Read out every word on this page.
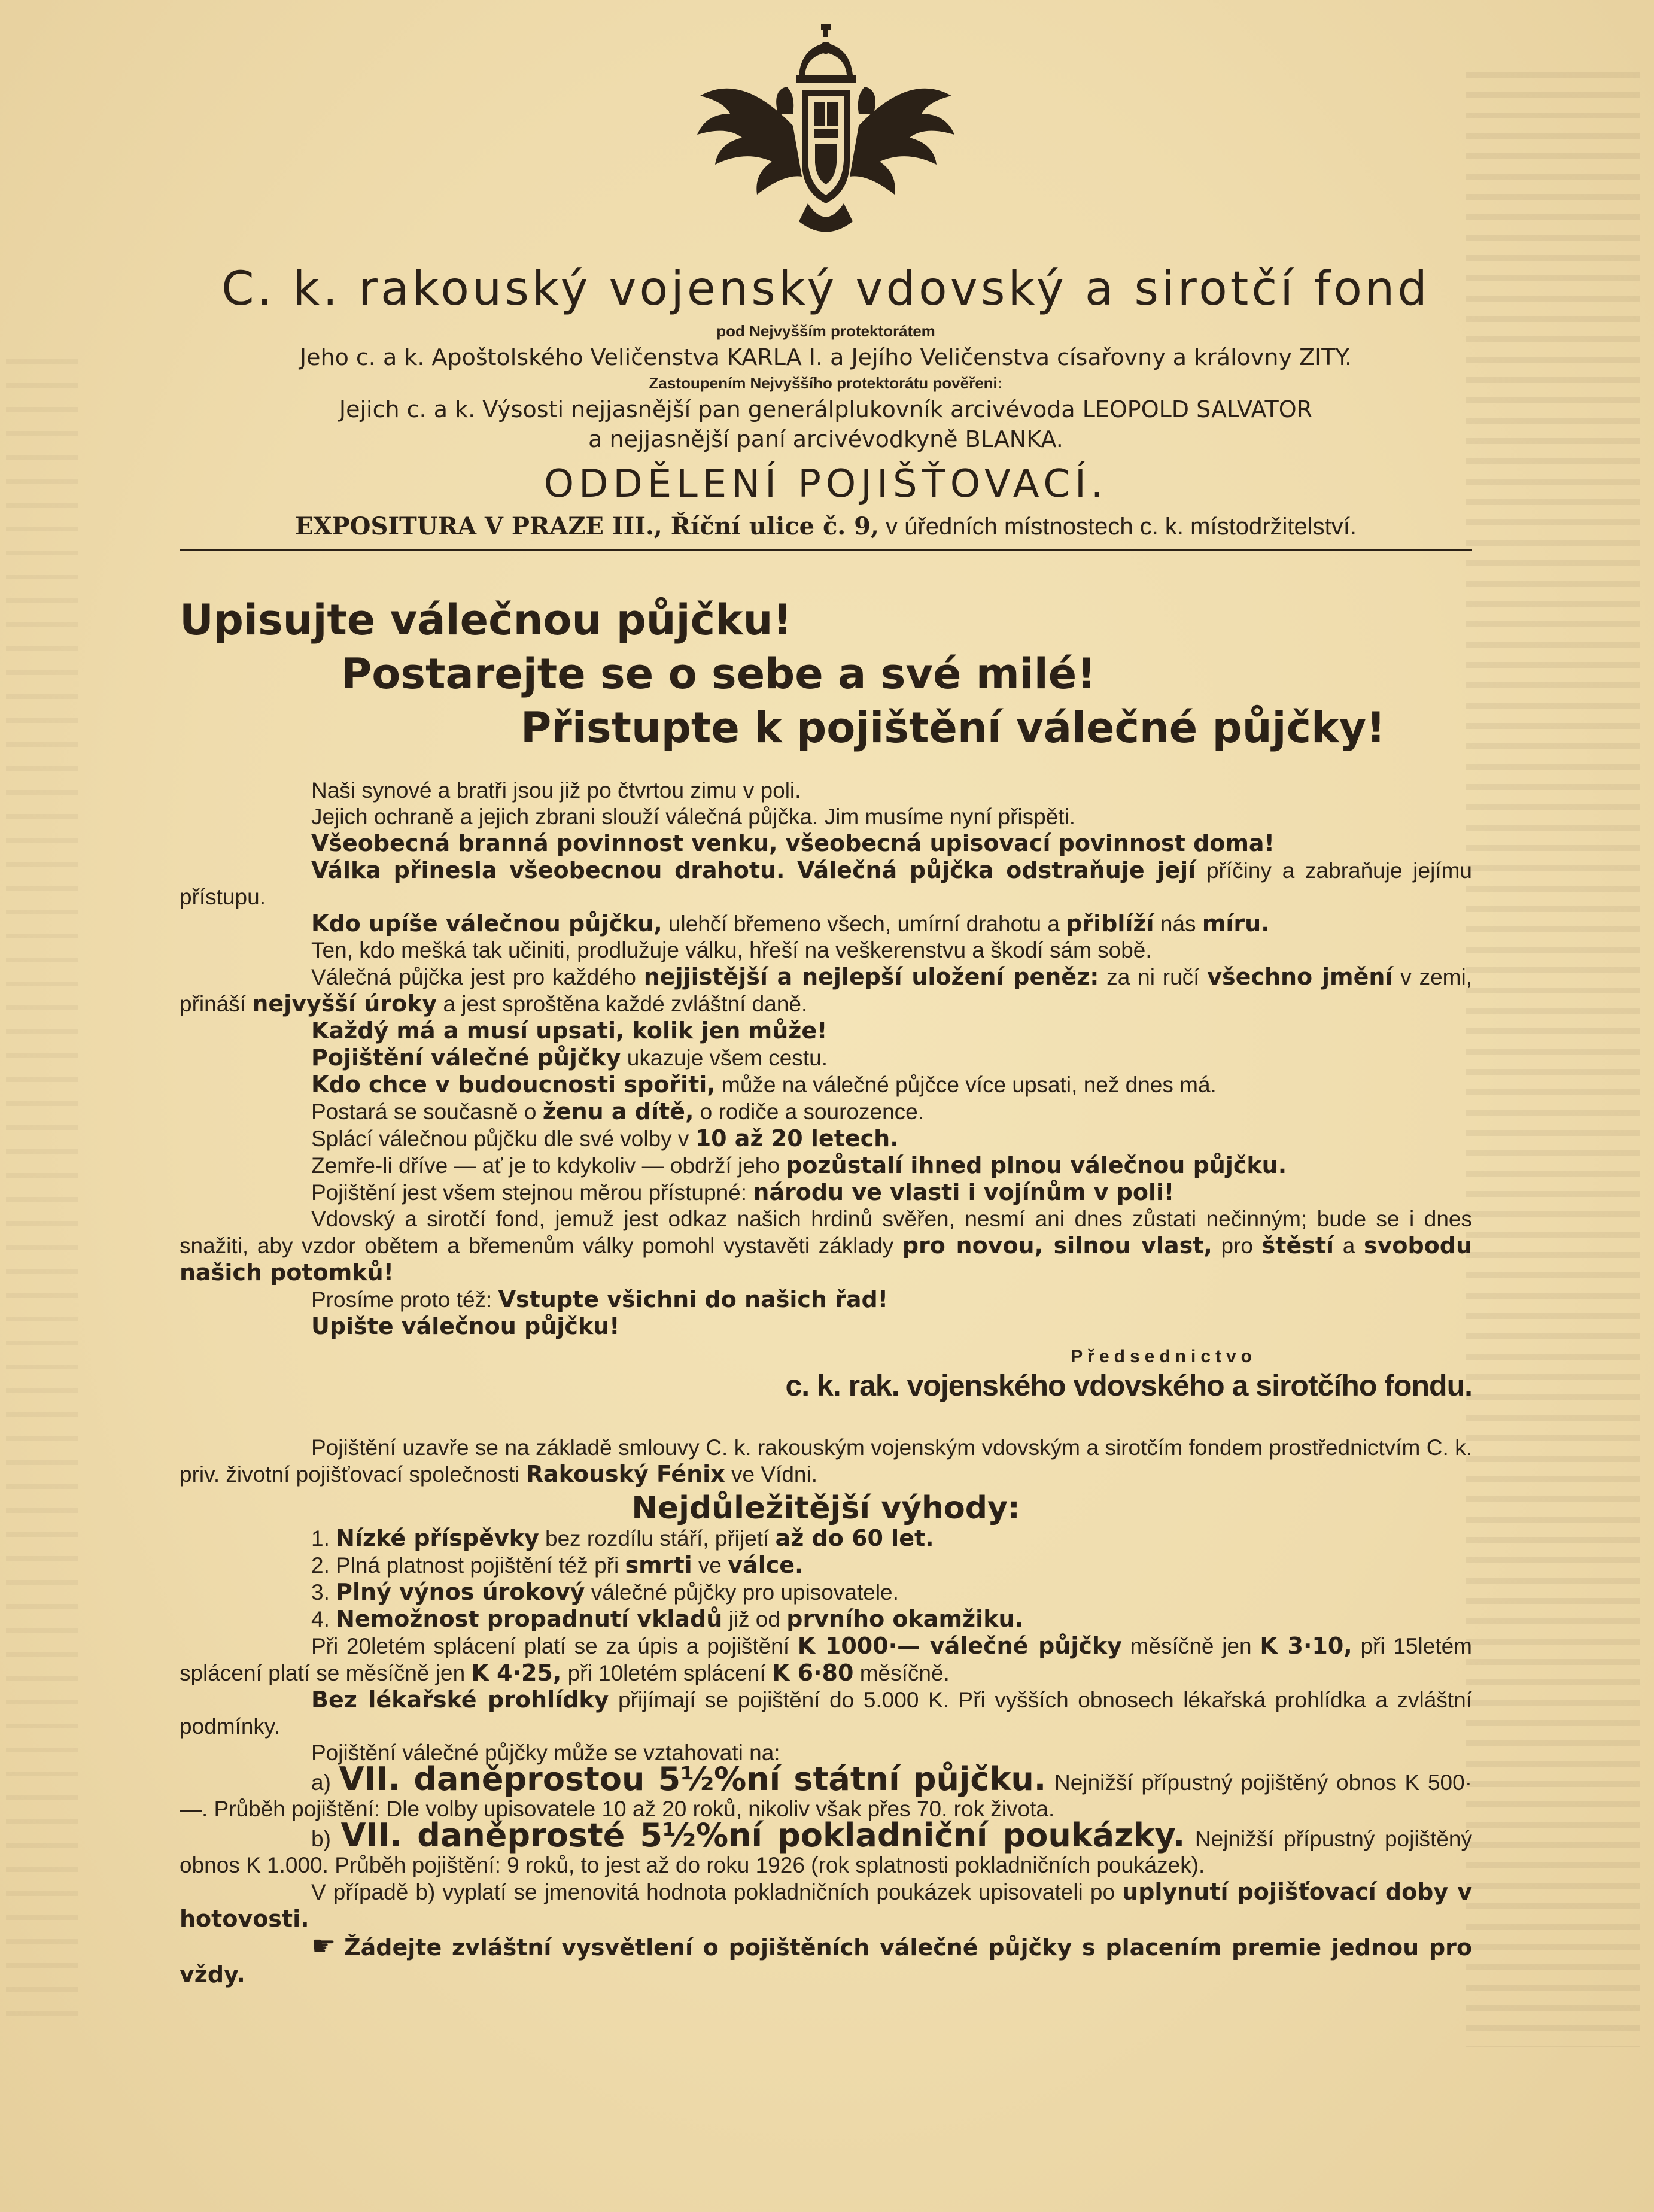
C. k. rakouský vojenský vdovský a sirotčí fond
pod Nejvyšším protektorátem
Jeho c. a k. Apoštolského Veličenstva KARLA I. a Jejího Veličenstva císařovny a královny ZITY.
Zastoupením Nejvyššího protektorátu pověřeni:
Jejich c. a k. Výsosti nejjasnější pan generálplukovník arcivévoda LEOPOLD SALVATOR
a nejjasnější paní arcivévodkyně BLANKA.
ODDĚLENÍ POJIŠŤOVACÍ.
EXPOSITURA V PRAZE III., Říční ulice č. 9, v úředních místnostech c. k. místodržitelství.
Upisujte válečnou půjčku!
Postarejte se o sebe a své milé!
Přistupte k pojištění válečné půjčky!

Naši synové a bratři jsou již po čtvrtou zimu v poli.

Jejich ochraně a jejich zbrani slouží válečná půjčka. Jim musíme nyní přispěti.

Všeobecná branná povinnost venku, všeobecná upisovací povinnost doma!

Válka přinesla všeobecnou drahotu. Válečná půjčka odstraňuje její příčiny a zabraňuje jejímu přístupu.

Kdo upíše válečnou půjčku, ulehčí břemeno všech, umírní drahotu a přiblíží nás míru.

Ten, kdo mešká tak učiniti, prodlužuje válku, hřeší na veškerenstvu a škodí sám sobě.

Válečná půjčka jest pro každého nejjistější a nejlepší uložení peněz: za ni ručí všechno jmění v zemi, přináší nejvyšší úroky a jest sproštěna každé zvláštní daně.

Každý má a musí upsati, kolik jen může!

Pojištění válečné půjčky ukazuje všem cestu.

Kdo chce v budoucnosti spořiti, může na válečné půjčce více upsati, než dnes má.

Postará se současně o ženu a dítě, o rodiče a sourozence.

Splácí válečnou půjčku dle své volby v 10 až 20 letech.

Zemře-li dříve — ať je to kdykoliv — obdrží jeho pozůstalí ihned plnou válečnou půjčku.

Pojištění jest všem stejnou měrou přístupné: národu ve vlasti i vojínům v poli!

Vdovský a sirotčí fond, jemuž jest odkaz našich hrdinů svěřen, nesmí ani dnes zůstati nečinným; bude se i dnes snažiti, aby vzdor obětem a břemenům války pomohl vystavěti základy pro novou, silnou vlast, pro štěstí a svobodu našich potomků!

Prosíme proto též: Vstupte všichni do našich řad!

Upište válečnou půjčku!

Předsednictvo
c. k. rak. vojenského vdovského a sirotčího fondu.

Pojištění uzavře se na základě smlouvy C. k. rakouským vojenským vdovským a sirotčím fondem prostřednictvím C. k. priv. životní pojišťovací společnosti Rakouský Fénix ve Vídni.

Nejdůležitější výhody:

1. Nízké příspěvky bez rozdílu stáří, přijetí až do 60 let.

2. Plná platnost pojištění též při smrti ve válce.

3. Plný výnos úrokový válečné půjčky pro upisovatele.

4. Nemožnost propadnutí vkladů již od prvního okamžiku.

Při 20letém splácení platí se za úpis a pojištění K 1000·— válečné půjčky měsíčně jen K 3·10, při 15letém splácení platí se měsíčně jen K 4·25, při 10letém splácení K 6·80 měsíčně.

Bez lékařské prohlídky přijímají se pojištění do 5.000 K. Při vyšších obnosech lékařská prohlídka a zvláštní podmínky.

Pojištění válečné půjčky může se vztahovati na:

a) VII. daněprostou 5½%ní státní půjčku. Nejnižší přípustný pojištěný obnos K 500·—. Průběh pojištění: Dle volby upisovatele 10 až 20 roků, nikoliv však přes 70. rok života.

b) VII. daněprosté 5½%ní pokladniční poukázky. Nejnižší přípustný pojištěný obnos K 1.000. Průběh pojištění: 9 roků, to jest až do roku 1926 (rok splatnosti pokladničních poukázek).

V případě b) vyplatí se jmenovitá hodnota pokladničních poukázek upisovateli po uplynutí pojišťovací doby v hotovosti.

☛ Žádejte zvláštní vysvětlení o pojištěních válečné půjčky s placením premie jednou pro vždy.
